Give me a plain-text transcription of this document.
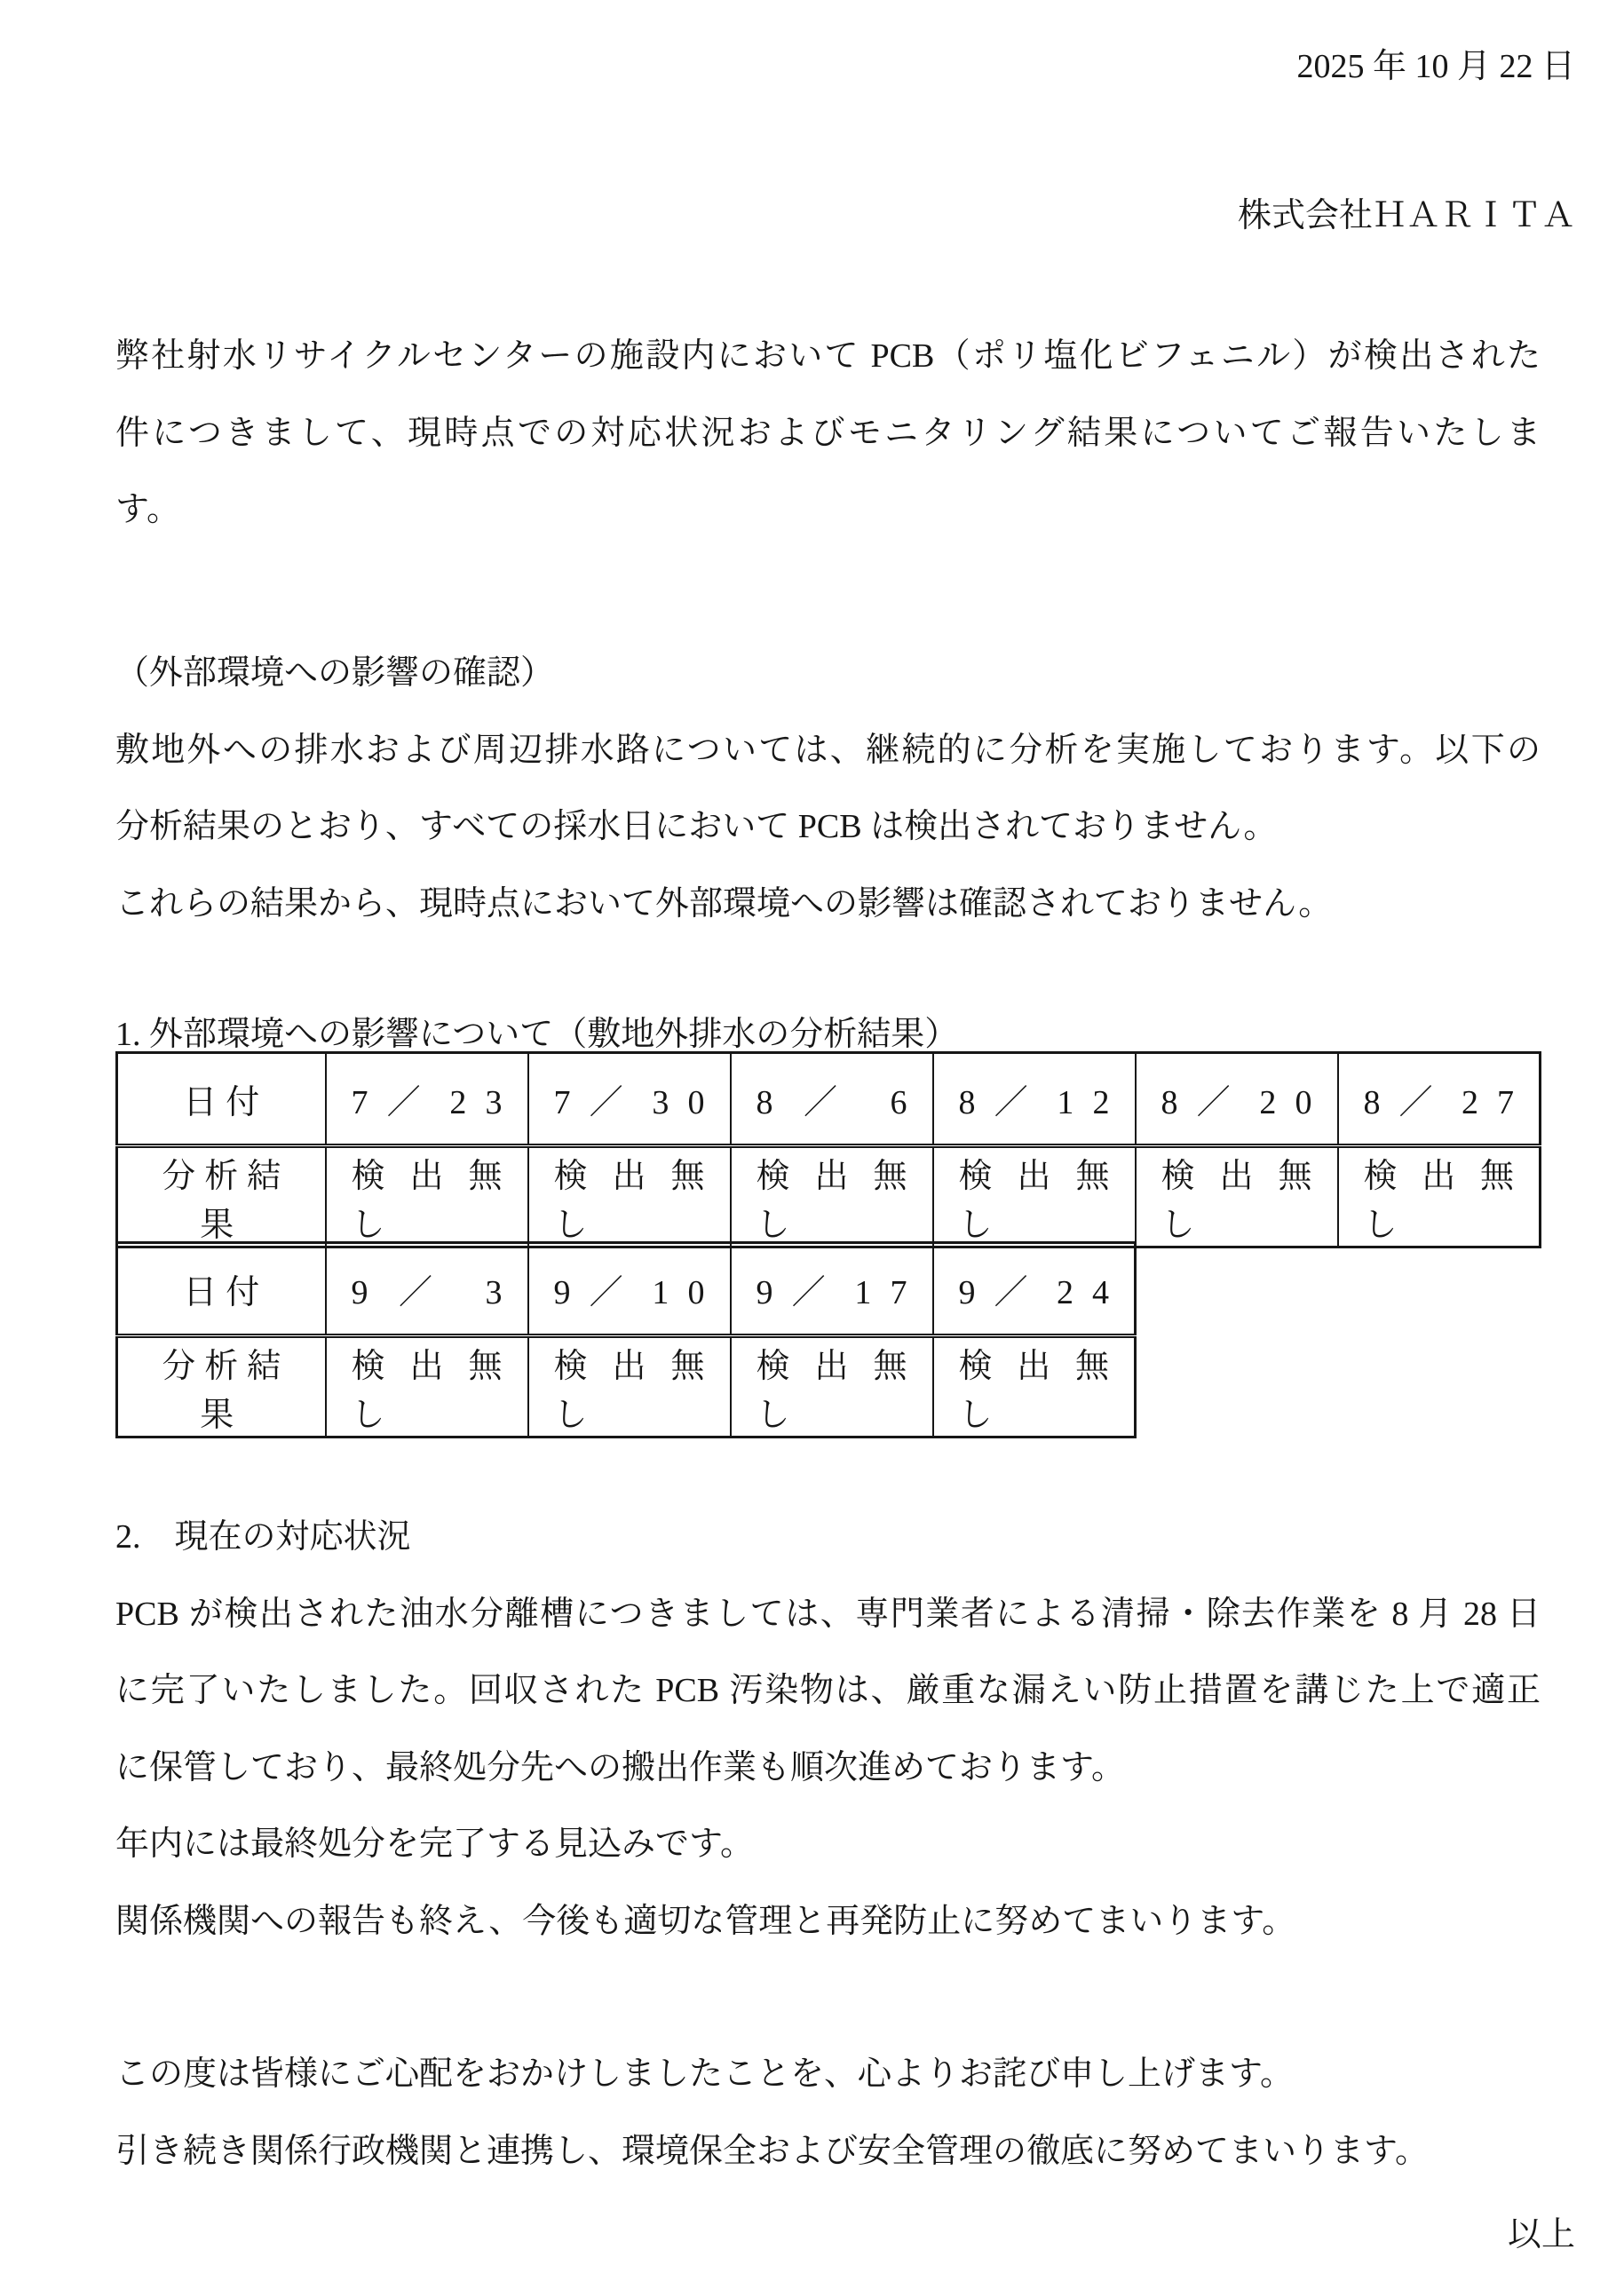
2025 年 10 月 22 日
株式会社ＨＡＲＩＴＡ
弊社射水リサイクルセンターの施設内において PCB（ポリ塩化ビフェニル）が検出された
件につきまして、現時点での対応状況およびモニタリング結果についてご報告いたしま
す。
（外部環境への影響の確認）
敷地外への排水および周辺排水路については、継続的に分析を実施しております。以下の
分析結果のとおり、すべての採水日において PCB は検出されておりません。
これらの結果から、現時点において外部環境への影響は確認されておりません。
1. 外部環境への影響について（敷地外排水の分析結果）
日付	7 ／ 2 3	7 ／ 3 0	8 ／ 6	8 ／ 1 2	8 ／ 2 0	8 ／ 2 7
分析結果	検 出 無 し	検 出 無 し	検 出 無 し	検 出 無 し	検 出 無 し	検 出 無 し
日付	9 ／ 3	9 ／ 1 0	9 ／ 1 7	9 ／ 2 4
分析結果	検 出 無 し	検 出 無 し	検 出 無 し	検 出 無 し
2.　現在の対応状況
PCB が検出された油水分離槽につきましては、専門業者による清掃・除去作業を 8 月 28 日
に完了いたしました。回収された PCB 汚染物は、厳重な漏えい防止措置を講じた上で適正
に保管しており、最終処分先への搬出作業も順次進めております。
年内には最終処分を完了する見込みです。
関係機関への報告も終え、今後も適切な管理と再発防止に努めてまいります。
この度は皆様にご心配をおかけしましたことを、心よりお詫び申し上げます。
引き続き関係行政機関と連携し、環境保全および安全管理の徹底に努めてまいります。
以上
